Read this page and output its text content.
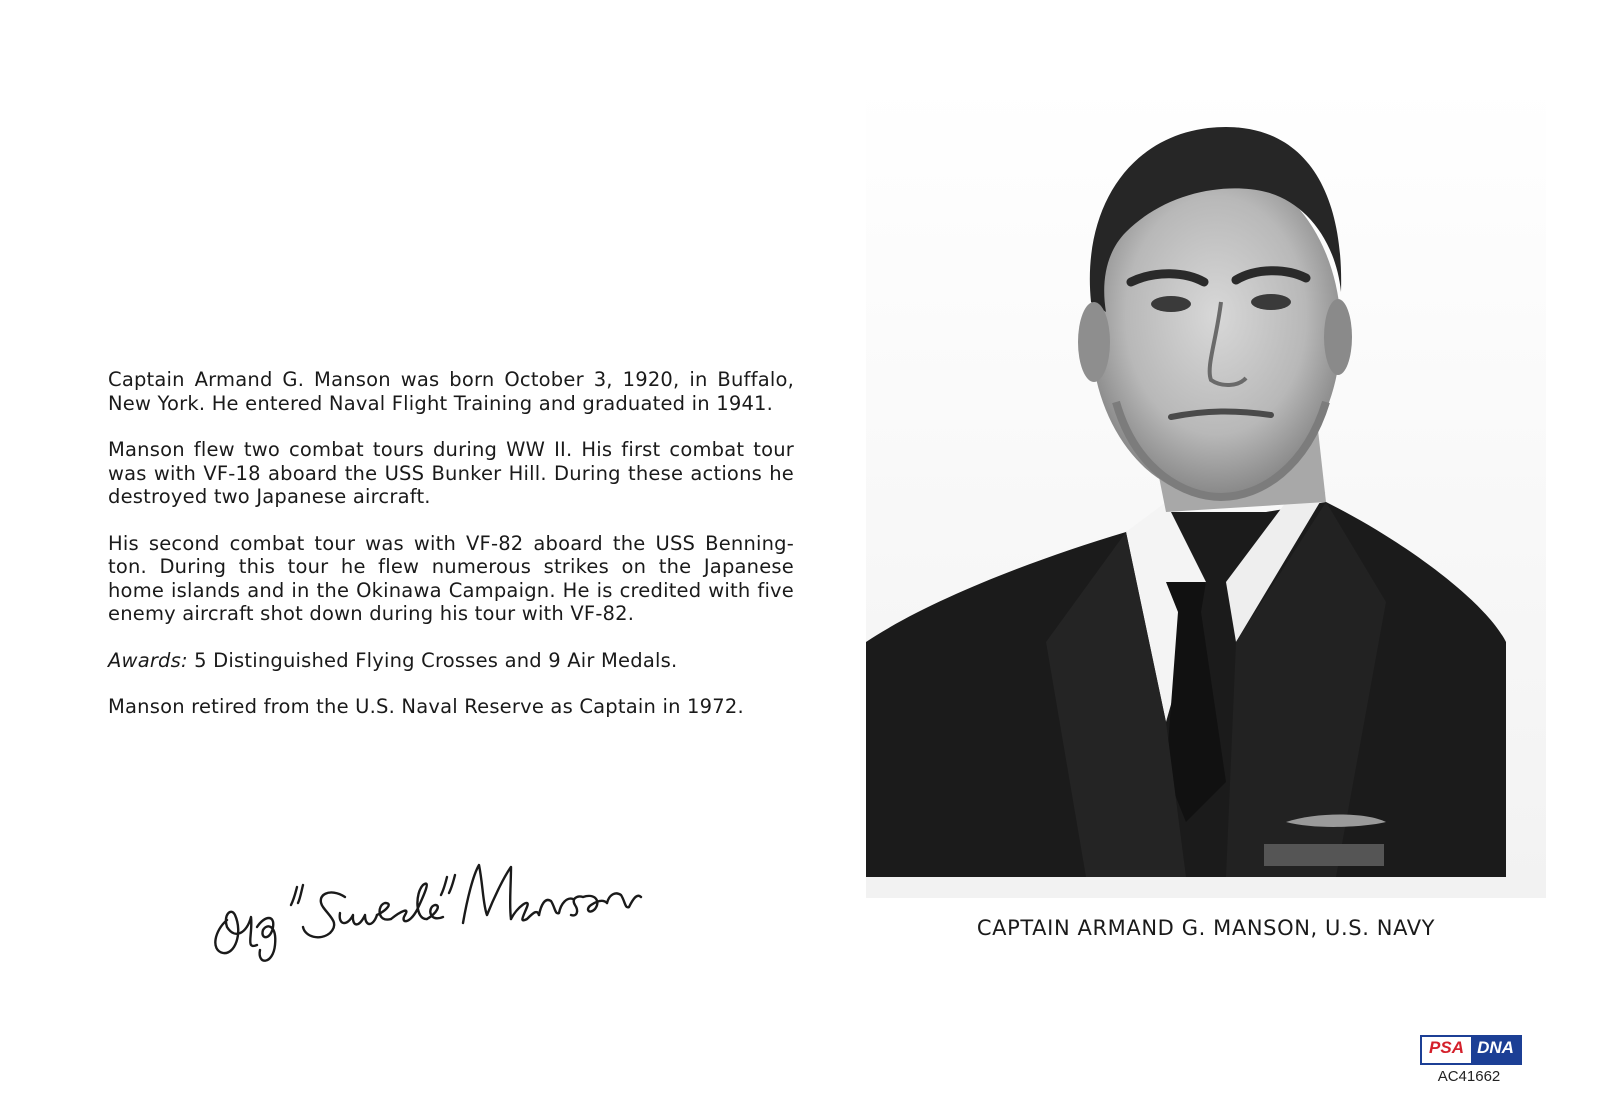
Captain Armand G. Manson was born October 3, 1920, in Buffalo, New York. He entered Naval Flight Training and graduated in 1941.

Manson flew two combat tours during WW II. His first combat tour was with VF-18 aboard the USS Bunker Hill. During these actions he destroyed two Japanese aircraft.

His second combat tour was with VF-82 aboard the USS Benning-ton. During this tour he flew numerous strikes on the Japanese home islands and in the Okinawa Campaign. He is credited with five enemy aircraft shot down during his tour with VF-82.

Awards: 5 Distinguished Flying Crosses and 9 Air Medals.

Manson retired from the U.S. Naval Reserve as Captain in 1972.

CAPTAIN ARMAND G. MANSON, U.S. NAVY
PSA DNA
AC41662
